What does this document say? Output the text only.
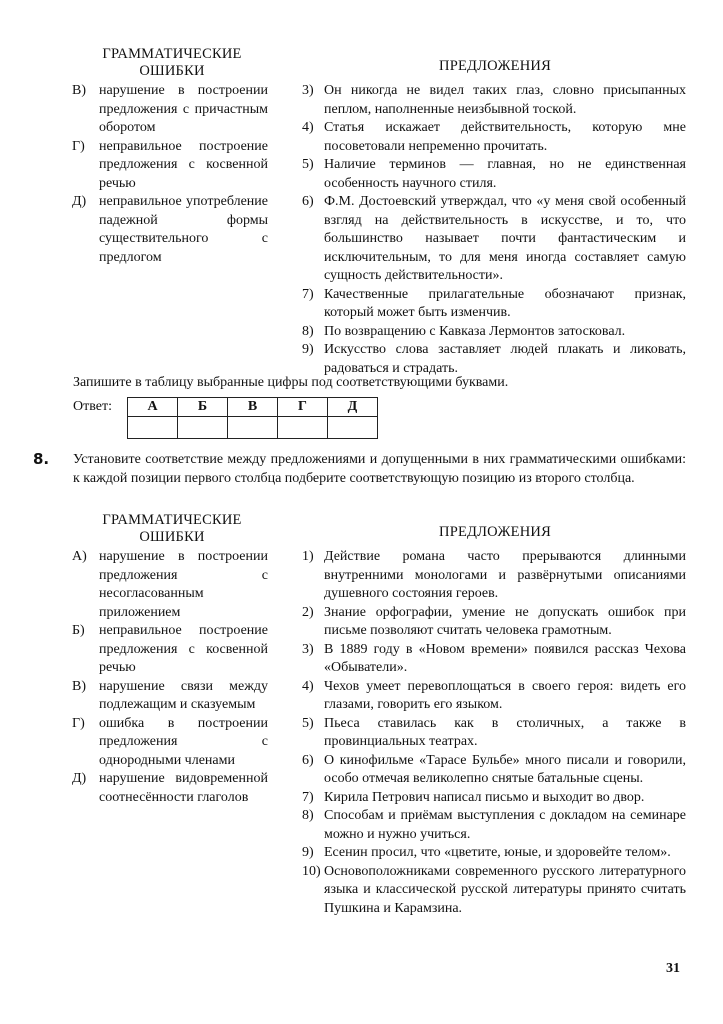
ГРАММАТИЧЕСКИЕ
ОШИБКИ
В) нарушение в построении предложения с причастным оборотом
Г) неправильное построение предложения с косвенной речью
Д) неправильное употребление падежной формы существительного с предлогом
ПРЕДЛОЖЕНИЯ
3) Он никогда не видел таких глаз, словно присыпанных пеплом, наполненные неизбывной тоской.
4) Статья искажает действительность, которую мне посоветовали непременно прочитать.
5) Наличие терминов — главная, но не единственная особенность научного стиля.
6) Ф.М. Достоевский утверждал, что «у меня свой особенный взгляд на действительность в искусстве, и то, что большинство называет почти фантастическим и исключительным, то для меня иногда составляет самую сущность действительности».
7) Качественные прилагательные обозначают признак, который может быть изменчив.
8) По возвращению с Кавказа Лермонтов затосковал.
9) Искусство слова заставляет людей плакать и ликовать, радоваться и страдать.
Запишите в таблицу выбранные цифры под соответствующими буквами.
Ответ:	А	Б	В	Г	Д

8. Установите соответствие между предложениями и допущенными в них грамматическими ошибками: к каждой позиции первого столбца подберите соответствующую позицию из второго столбца.
ГРАММАТИЧЕСКИЕ
ОШИБКИ
А) нарушение в построении предложения с несогласованным приложением
Б) неправильное построение предложения с косвенной речью
В) нарушение связи между подлежащим и сказуемым
Г) ошибка в построении предложения с однородными членами
Д) нарушение видовременной соотнесённости глаголов
ПРЕДЛОЖЕНИЯ
1) Действие романа часто прерываются длинными внутренними монологами и развёрнутыми описаниями душевного состояния героев.
2) Знание орфографии, умение не допускать ошибок при письме позволяют считать человека грамотным.
3) В 1889 году в «Новом времени» появился рассказ Чехова «Обыватели».
4) Чехов умеет перевоплощаться в своего героя: видеть его глазами, говорить его языком.
5) Пьеса ставилась как в столичных, а также в провинциальных театрах.
6) О кинофильме «Тарасе Бульбе» много писали и говорили, особо отмечая великолепно снятые батальные сцены.
7) Кирила Петрович написал письмо и выходит во двор.
8) Способам и приёмам выступления с докладом на семинаре можно и нужно учиться.
9) Есенин просил, что «цветите, юные, и здоровейте телом».
10) Основоположниками современного русского литературного языка и классической русской литературы принято считать Пушкина и Карамзина.
31
